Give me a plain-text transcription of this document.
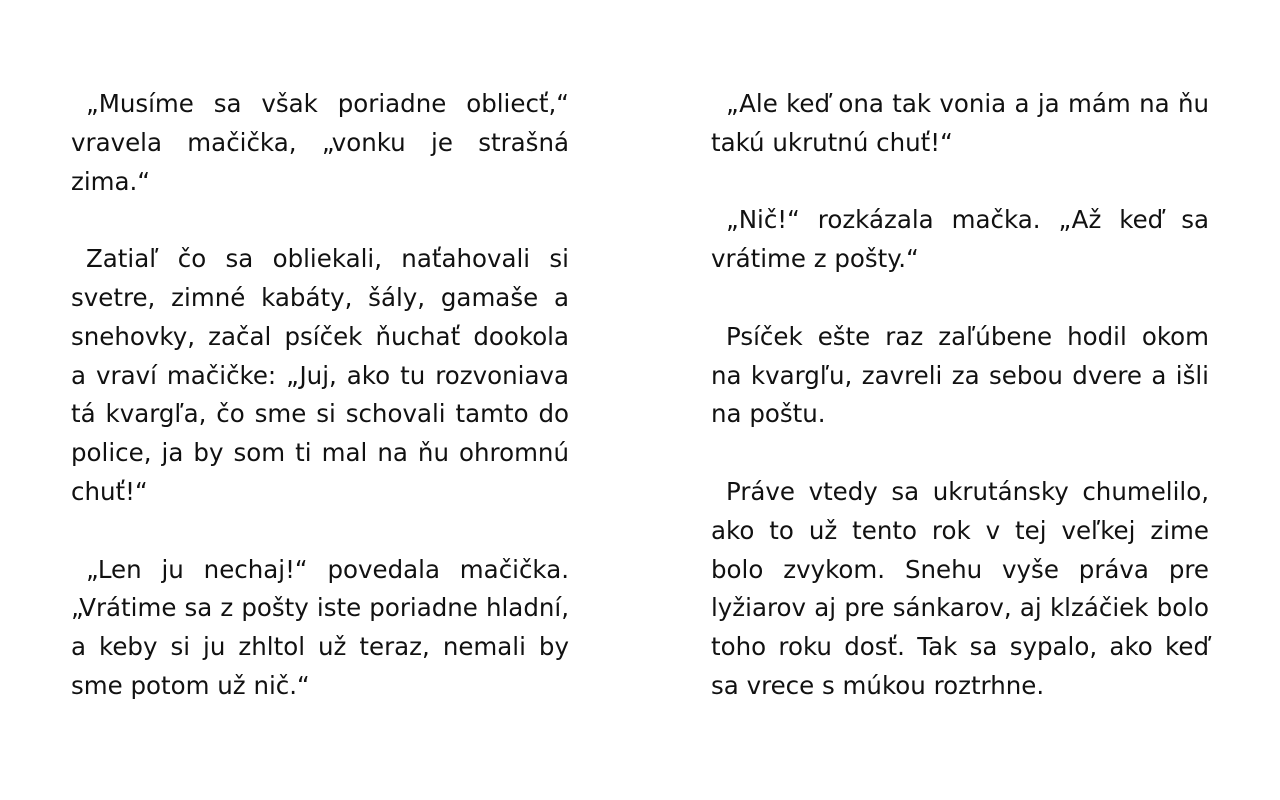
„Musíme sa však poriadne obliecť,“ vravela mačička, „vonku je strašná zima.“

Zatiaľ čo sa obliekali, naťahovali si svetre, zimné kabáty, šály, gamaše a snehovky, začal psíček ňuchať dookola a vraví mačičke: „Juj, ako tu rozvoniava tá kvargľa, čo sme si schovali tamto do police, ja by som ti mal na ňu ohromnú chuť!“

„Len ju nechaj!“ povedala mačička. „Vrátime sa z pošty iste poriadne hladní, a keby si ju zhltol už teraz, nemali by sme potom už nič.“

„Ale keď ona tak vonia a ja mám na ňu takú ukrutnú chuť!“

„Nič!“ rozkázala mačka. „Až keď sa vrátime z pošty.“

Psíček ešte raz zaľúbene hodil okom na kvargľu, zavreli za sebou dvere a išli na poštu.

Práve vtedy sa ukrutánsky chumelilo, ako to už tento rok v tej veľkej zime bolo zvykom. Snehu vyše práva pre lyžiarov aj pre sánkarov, aj klzáčiek bolo toho roku dosť. Tak sa sypalo, ako keď sa vrece s múkou roztrhne.
